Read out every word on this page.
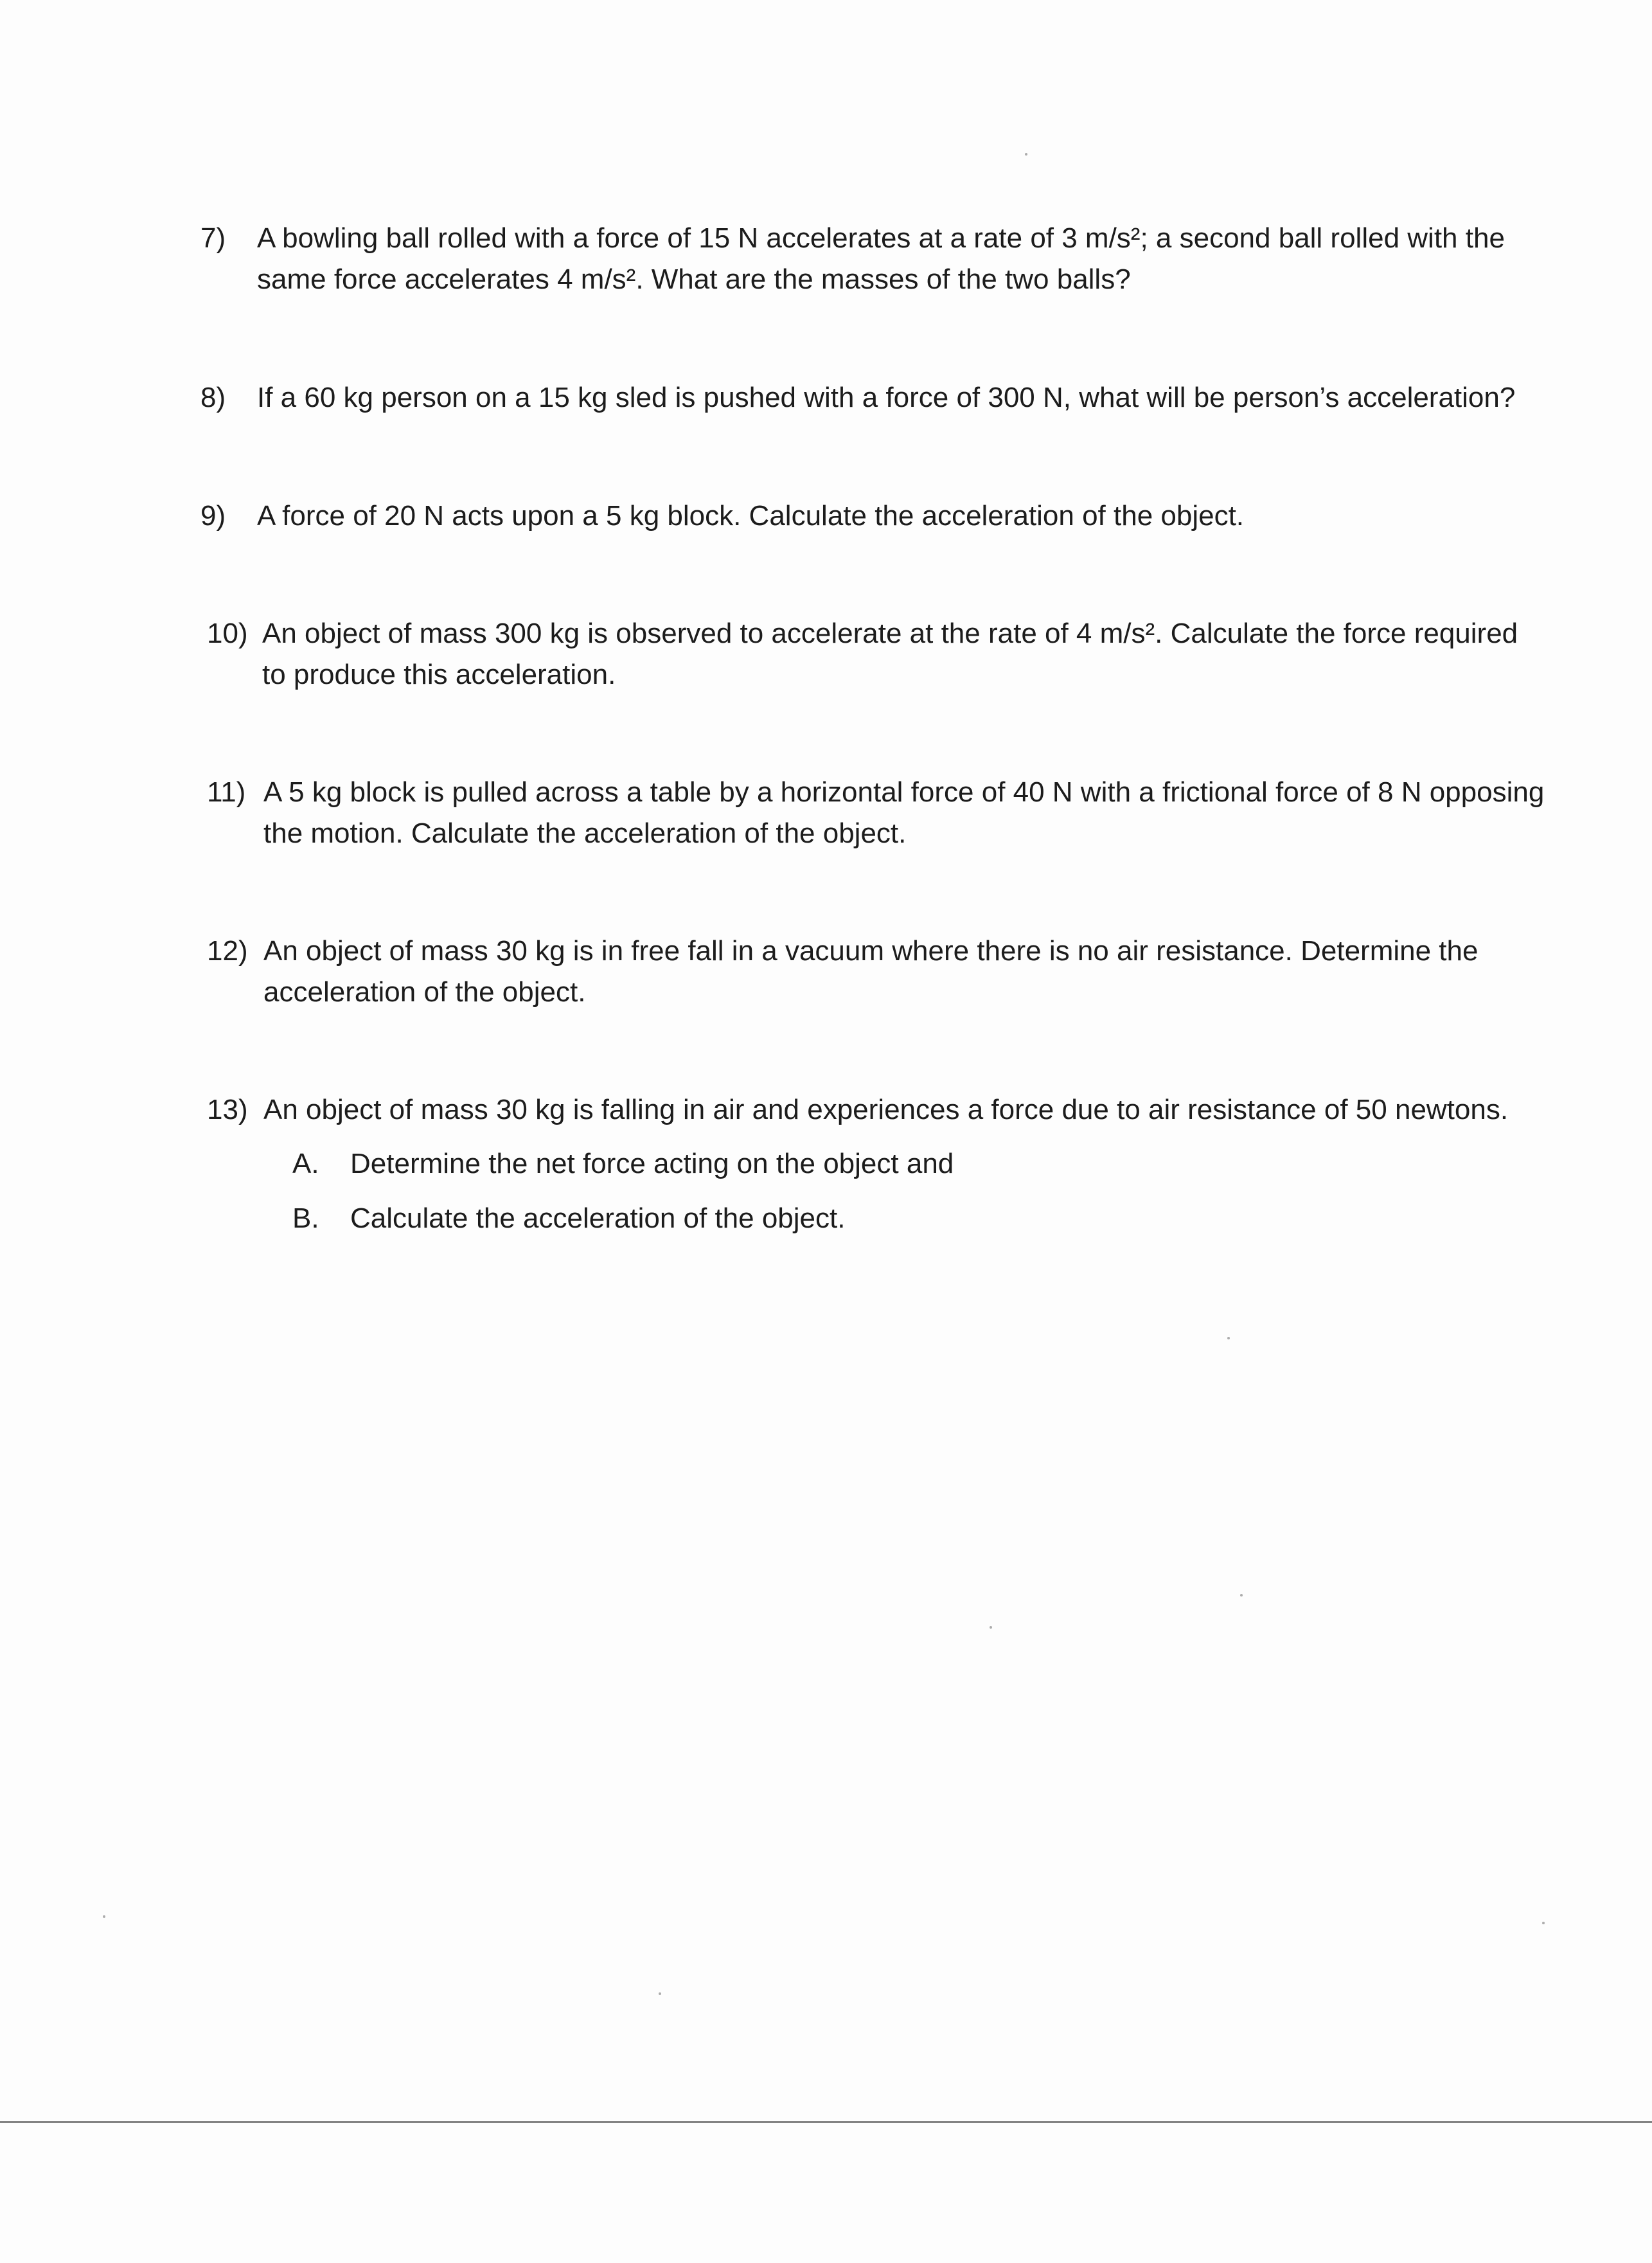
7) A bowling ball rolled with a force of 15 N accelerates at a rate of 3 m/s²; a second ball rolled with the
same force accelerates 4 m/s². What are the masses of the two balls?
8) If a 60 kg person on a 15 kg sled is pushed with a force of 300 N, what will be person’s acceleration?
9) A force of 20 N acts upon a 5 kg block. Calculate the acceleration of the object.
10) An object of mass 300 kg is observed to accelerate at the rate of 4 m/s². Calculate the force required
to produce this acceleration.
11) A 5 kg block is pulled across a table by a horizontal force of 40 N with a frictional force of 8 N opposing
the motion. Calculate the acceleration of the object.
12) An object of mass 30 kg is in free fall in a vacuum where there is no air resistance. Determine the
acceleration of the object.
13) An object of mass 30 kg is falling in air and experiences a force due to air resistance of 50 newtons.
A. Determine the net force acting on the object and
B. Calculate the acceleration of the object.
